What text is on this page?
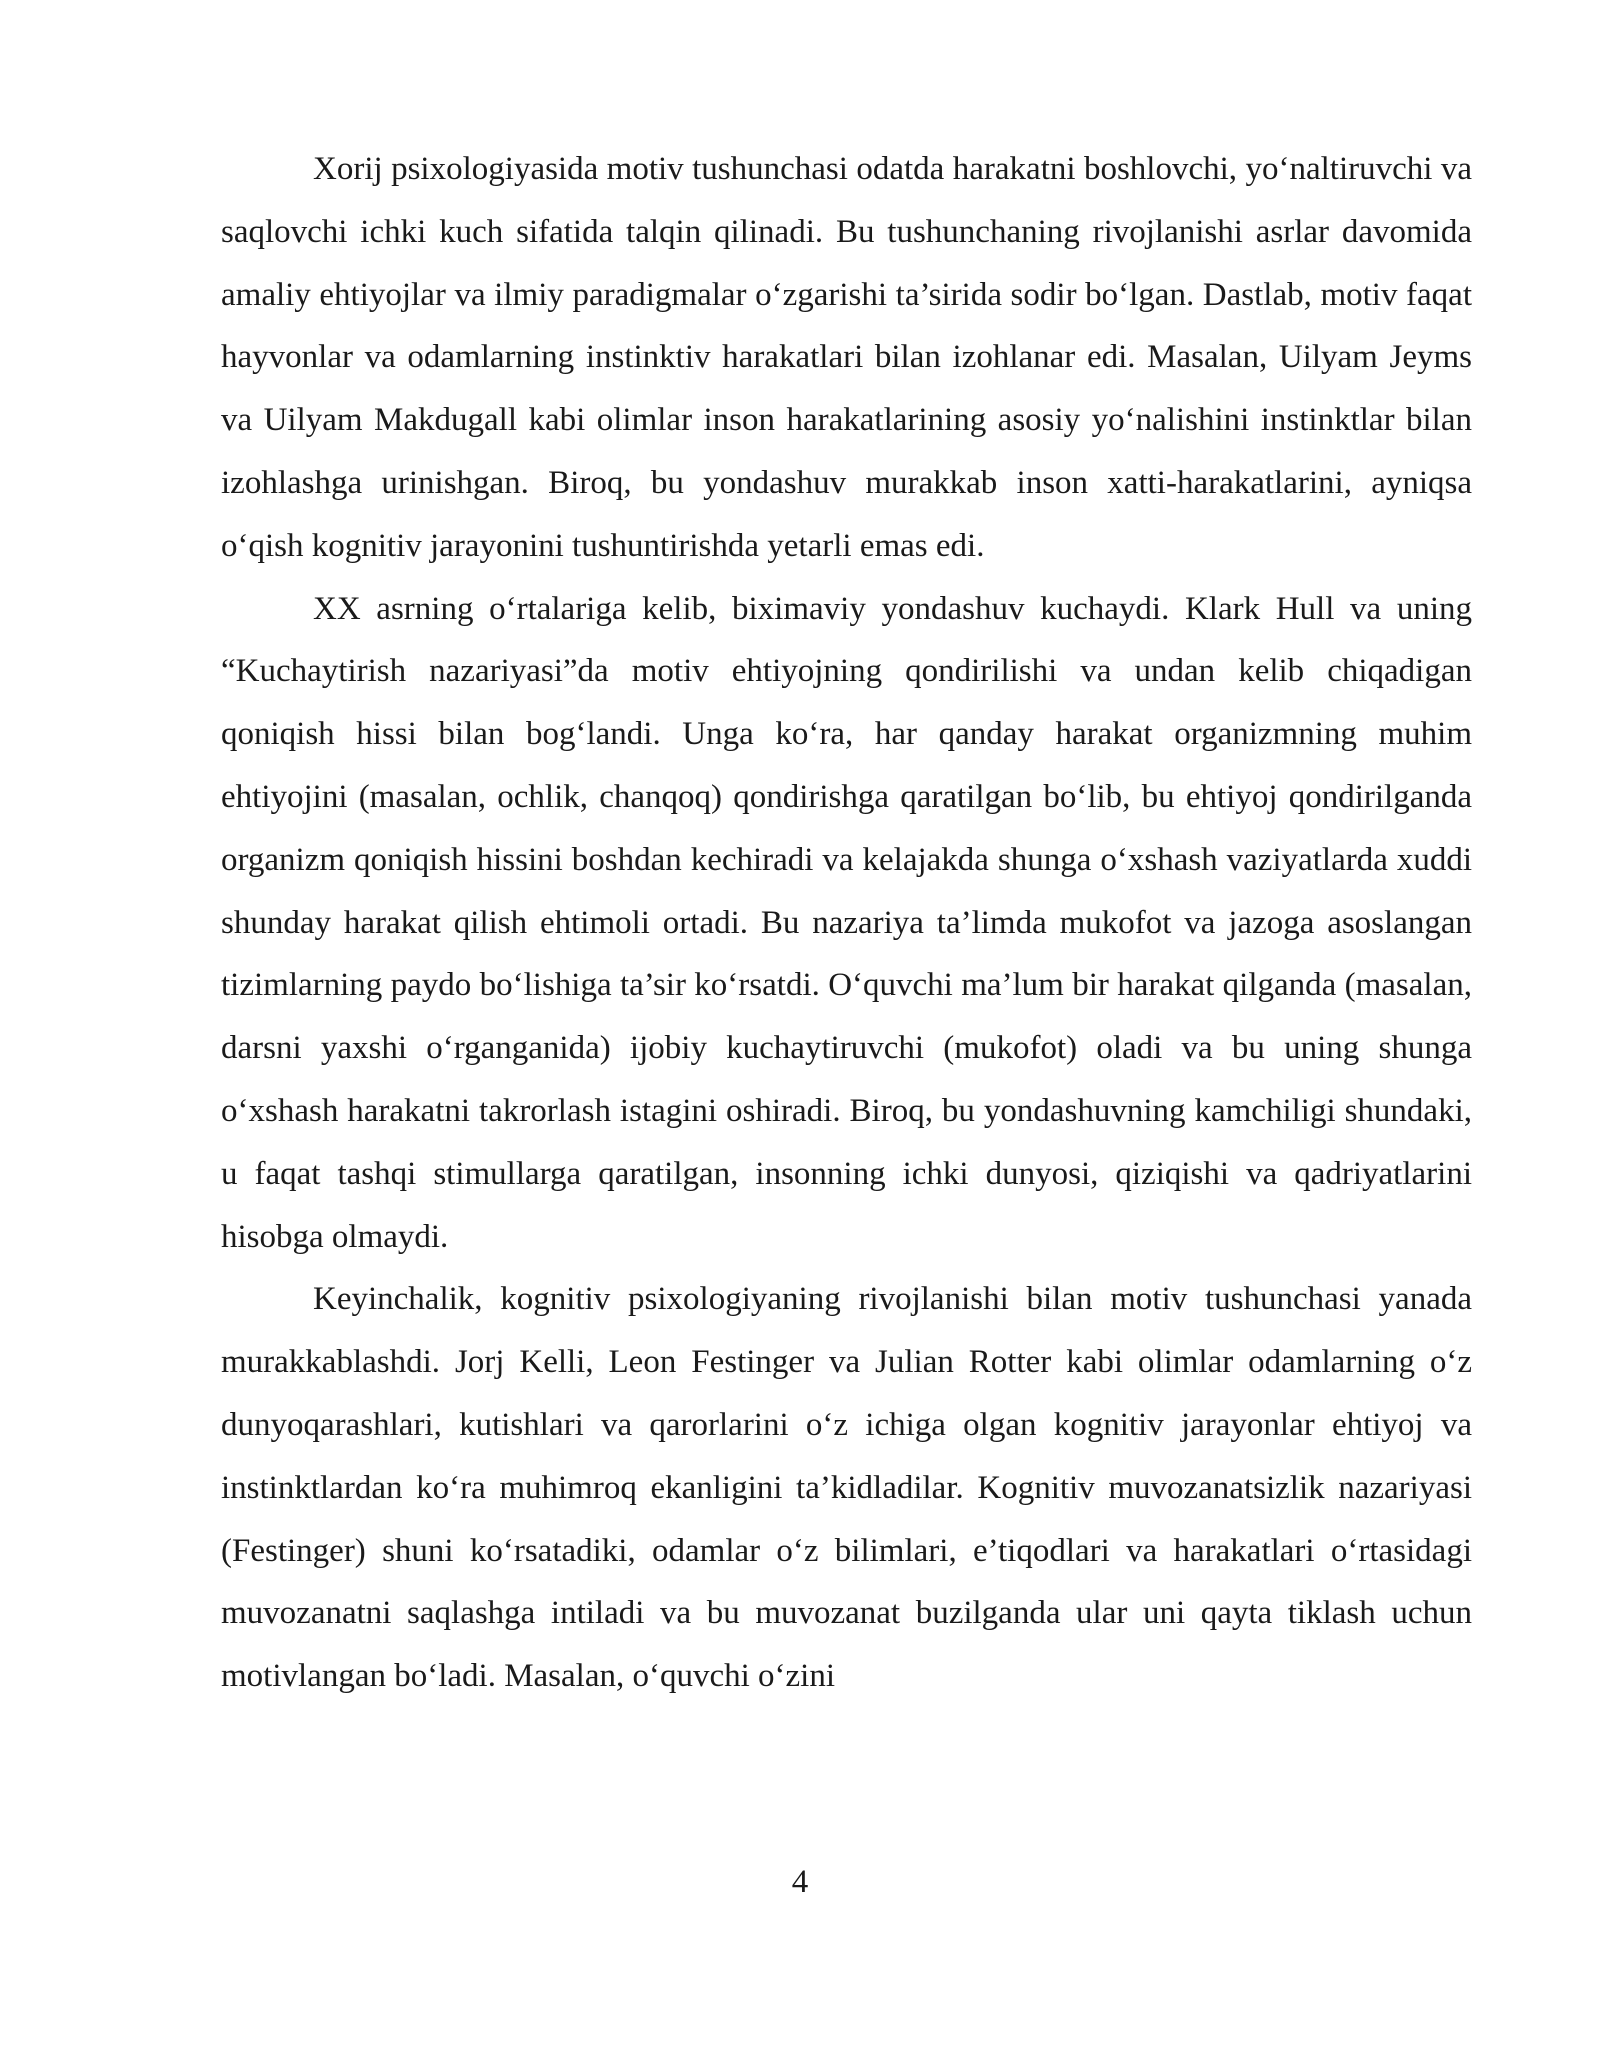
Xorij psixologiyasida motiv tushunchasi odatda harakatni boshlovchi, yo‘naltiruvchi va saqlovchi ichki kuch sifatida talqin qilinadi. Bu tushunchaning rivojlanishi asrlar davomida amaliy ehtiyojlar va ilmiy paradigmalar o‘zgarishi ta’sirida sodir bo‘lgan. Dastlab, motiv faqat hayvonlar va odamlarning instinktiv harakatlari bilan izohlanar edi. Masalan, Uilyam Jeyms va Uilyam Makdugall kabi olimlar inson harakatlarining asosiy yo‘nalishini instinktlar bilan izohlashga urinishgan. Biroq, bu yondashuv murakkab inson xatti-harakatlarini, ayniqsa o‘qish kognitiv jarayonini tushuntirishda yetarli emas edi.

XX asrning o‘rtalariga kelib, biximaviy yondashuv kuchaydi. Klark Hull va uning “Kuchaytirish nazariyasi”da motiv ehtiyojning qondirilishi va undan kelib chiqadigan qoniqish hissi bilan bog‘landi. Unga ko‘ra, har qanday harakat organizmning muhim ehtiyojini (masalan, ochlik, chanqoq) qondirishga qaratilgan bo‘lib, bu ehtiyoj qondirilganda organizm qoniqish hissini boshdan kechiradi va kelajakda shunga o‘xshash vaziyatlarda xuddi shunday harakat qilish ehtimoli ortadi. Bu nazariya ta’limda mukofot va jazoga asoslangan tizimlarning paydo bo‘lishiga ta’sir ko‘rsatdi. O‘quvchi ma’lum bir harakat qilganda (masalan, darsni yaxshi o‘rganganida) ijobiy kuchaytiruvchi (mukofot) oladi va bu uning shunga o‘xshash harakatni takrorlash istagini oshiradi. Biroq, bu yondashuvning kamchiligi shundaki, u faqat tashqi stimullarga qaratilgan, insonning ichki dunyosi, qiziqishi va qadriyatlarini hisobga olmaydi.

Keyinchalik, kognitiv psixologiyaning rivojlanishi bilan motiv tushunchasi yanada murakkablashdi. Jorj Kelli, Leon Festinger va Julian Rotter kabi olimlar odamlarning o‘z dunyoqarashlari, kutishlari va qarorlarini o‘z ichiga olgan kognitiv jarayonlar ehtiyoj va instinktlardan ko‘ra muhimroq ekanligini ta’kidladilar. Kognitiv muvozanatsizlik nazariyasi (Festinger) shuni ko‘rsatadiki, odamlar o‘z bilimlari, e’tiqodlari va harakatlari o‘rtasidagi muvozanatni saqlashga intiladi va bu muvozanat buzilganda ular uni qayta tiklash uchun motivlangan bo‘ladi. Masalan, o‘quvchi o‘zini

4
